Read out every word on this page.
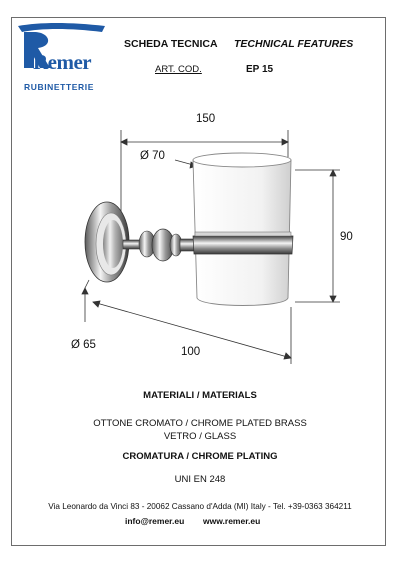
Remer
RUBINETTERIE
SCHEDA TECNICA TECHNICAL FEATURES
ART. COD.	EP 15
150
Ø 70
90
Ø 65
100
MATERIALI / MATERIALS
OTTONE CROMATO / CHROME PLATED BRASS
VETRO / GLASS
CROMATURA / CHROME PLATING
UNI EN 248
Via Leonardo da Vinci 83 - 20062 Cassano d'Adda (MI) Italy - Tel. +39-0363 364211
info@remer.eu www.remer.eu
